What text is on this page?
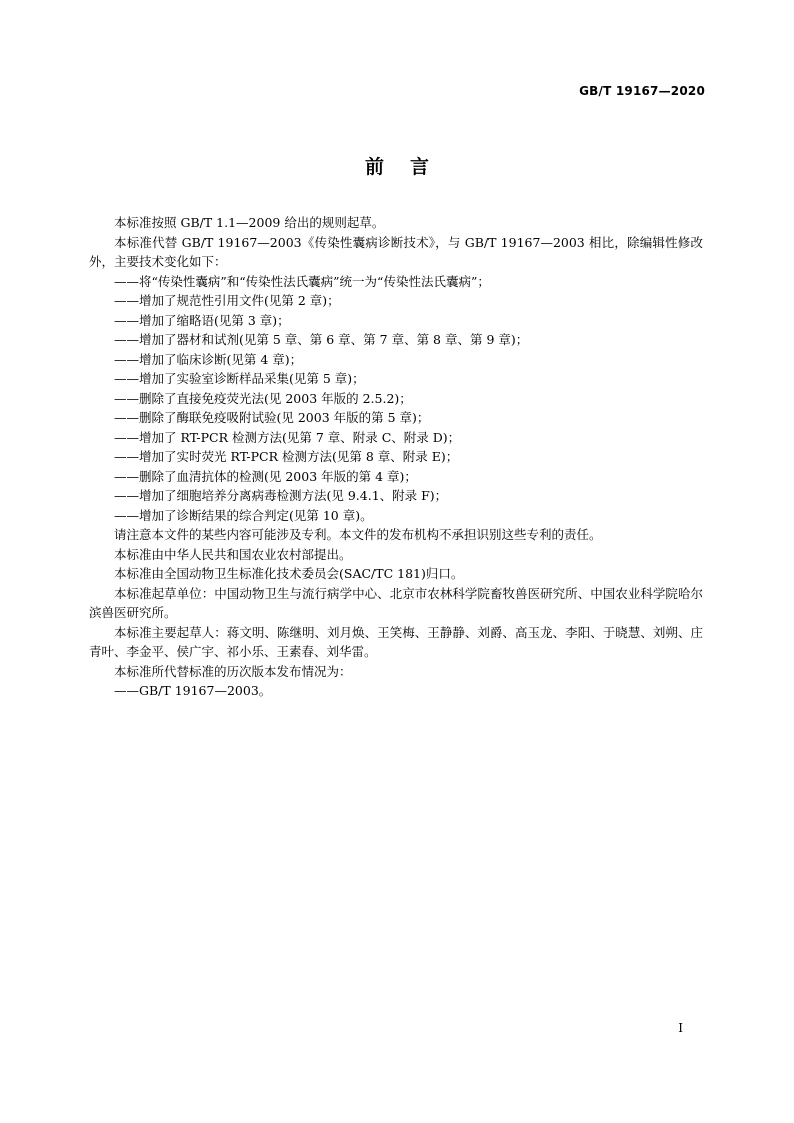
GB/T 19167—2020
前言

本标准按照 GB/T 1.1—2009 给出的规则起草。

本标准代替 GB/T 19167—2003《传染性囊病诊断技术》，与 GB/T 19167—2003 相比，除编辑性修改外，主要技术变化如下：

——将“传染性囊病”和“传染性法氏囊病”统一为“传染性法氏囊病”；

——增加了规范性引用文件(见第 2 章)；

——增加了缩略语(见第 3 章)；

——增加了器材和试剂(见第 5 章、第 6 章、第 7 章、第 8 章、第 9 章)；

——增加了临床诊断(见第 4 章)；

——增加了实验室诊断样品采集(见第 5 章)；

——删除了直接免疫荧光法(见 2003 年版的 2.5.2)；

——删除了酶联免疫吸附试验(见 2003 年版的第 5 章)；

——增加了 RT-PCR 检测方法(见第 7 章、附录 C、附录 D)；

——增加了实时荧光 RT-PCR 检测方法(见第 8 章、附录 E)；

——删除了血清抗体的检测(见 2003 年版的第 4 章)；

——增加了细胞培养分离病毒检测方法(见 9.4.1、附录 F)；

——增加了诊断结果的综合判定(见第 10 章)。

请注意本文件的某些内容可能涉及专利。本文件的发布机构不承担识别这些专利的责任。

本标准由中华人民共和国农业农村部提出。

本标准由全国动物卫生标准化技术委员会(SAC/TC 181)归口。

本标准起草单位：中国动物卫生与流行病学中心、北京市农林科学院畜牧兽医研究所、中国农业科学院哈尔滨兽医研究所。

本标准主要起草人：蒋文明、陈继明、刘月焕、王笑梅、王静静、刘爵、高玉龙、李阳、于晓慧、刘朔、庄青叶、李金平、侯广宇、祁小乐、王素春、刘华雷。

本标准所代替标准的历次版本发布情况为：

——GB/T 19167—2003。

I
